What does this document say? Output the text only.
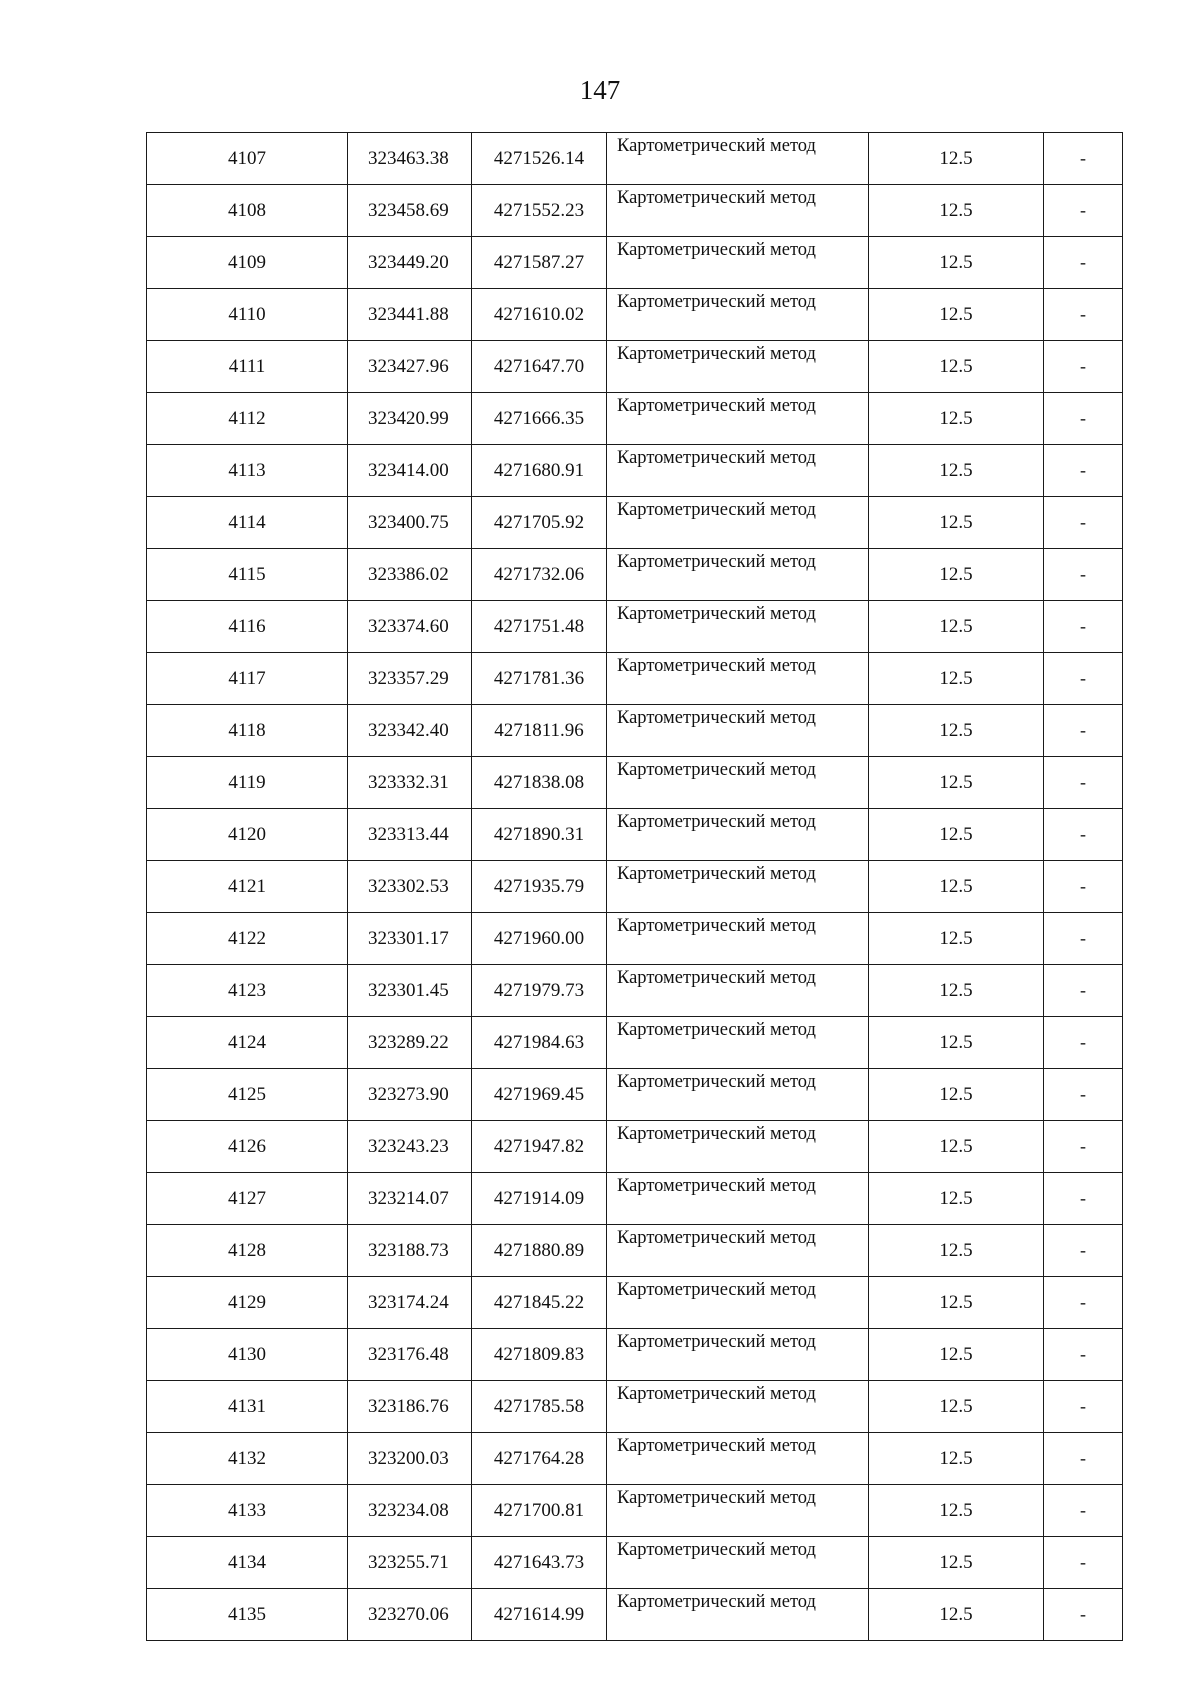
147
4107	323463.38	4271526.14	Картометрический метод	12.5	-
4108	323458.69	4271552.23	Картометрический метод	12.5	-
4109	323449.20	4271587.27	Картометрический метод	12.5	-
4110	323441.88	4271610.02	Картометрический метод	12.5	-
4111	323427.96	4271647.70	Картометрический метод	12.5	-
4112	323420.99	4271666.35	Картометрический метод	12.5	-
4113	323414.00	4271680.91	Картометрический метод	12.5	-
4114	323400.75	4271705.92	Картометрический метод	12.5	-
4115	323386.02	4271732.06	Картометрический метод	12.5	-
4116	323374.60	4271751.48	Картометрический метод	12.5	-
4117	323357.29	4271781.36	Картометрический метод	12.5	-
4118	323342.40	4271811.96	Картометрический метод	12.5	-
4119	323332.31	4271838.08	Картометрический метод	12.5	-
4120	323313.44	4271890.31	Картометрический метод	12.5	-
4121	323302.53	4271935.79	Картометрический метод	12.5	-
4122	323301.17	4271960.00	Картометрический метод	12.5	-
4123	323301.45	4271979.73	Картометрический метод	12.5	-
4124	323289.22	4271984.63	Картометрический метод	12.5	-
4125	323273.90	4271969.45	Картометрический метод	12.5	-
4126	323243.23	4271947.82	Картометрический метод	12.5	-
4127	323214.07	4271914.09	Картометрический метод	12.5	-
4128	323188.73	4271880.89	Картометрический метод	12.5	-
4129	323174.24	4271845.22	Картометрический метод	12.5	-
4130	323176.48	4271809.83	Картометрический метод	12.5	-
4131	323186.76	4271785.58	Картометрический метод	12.5	-
4132	323200.03	4271764.28	Картометрический метод	12.5	-
4133	323234.08	4271700.81	Картометрический метод	12.5	-
4134	323255.71	4271643.73	Картометрический метод	12.5	-
4135	323270.06	4271614.99	Картометрический метод	12.5	-
